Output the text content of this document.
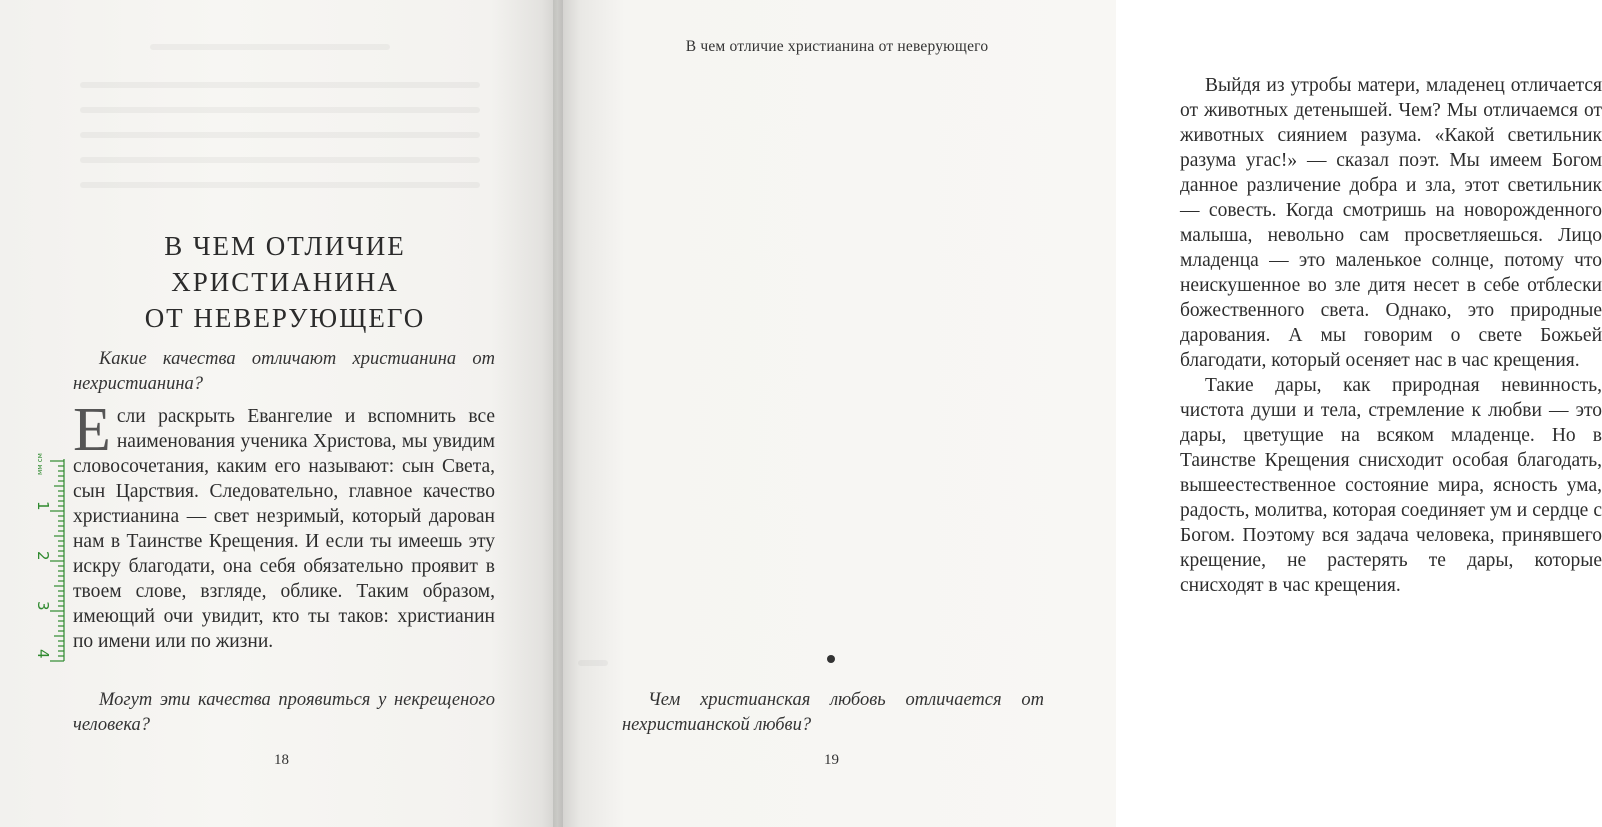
В ЧЕМ ОТЛИЧИЕ
ХРИСТИАНИНА
ОТ НЕВЕРУЮЩЕГО
Какие качества отличают христианина от нехристианина?
Если раскрыть Евангелие и вспомнить все наименования ученика Христова, мы увидим словосочетания, каким его называют: сын Света, сын Царствия. Следовательно, главное качество христианина — свет незримый, который дарован нам в Таинстве Крещения. И если ты имеешь эту искру благодати, она себя обязательно проявит в твоем слове, взгляде, облике. Таким образом, имеющий очи увидит, кто ты таков: христианин по имени или по жизни.
Могут эти качества проявиться у некрещеного человека?
18
мм см
1
2
3
4
В чем отличие христианина от неверующего

Выйдя из утробы матери, младенец отличается от животных детенышей. Чем? Мы отличаемся от животных сиянием разума. «Какой светильник разума угас!» — сказал поэт. Мы имеем Богом данное различение добра и зла, этот светильник — совесть. Когда смотришь на новорожденного малыша, невольно сам просветляешься. Лицо младенца — это маленькое солнце, потому что неискушенное во зле дитя несет в себе отблески божественного света. Однако, это природные дарования. А мы говорим о свете Божьей благодати, который осеняет нас в час крещения.

Такие дары, как природная невинность, чистота души и тела, стремление к любви — это дары, цветущие на всяком младенце. Но в Таинстве Крещения снисходит особая благодать, вышеестественное состояние мира, ясность ума, радость, молитва, которая соединяет ум и сердце с Богом. Поэтому вся задача человека, принявшего крещение, не растерять те дары, которые снисходят в час крещения.

Чем христианская любовь отличается от нехристианской любви?
19
